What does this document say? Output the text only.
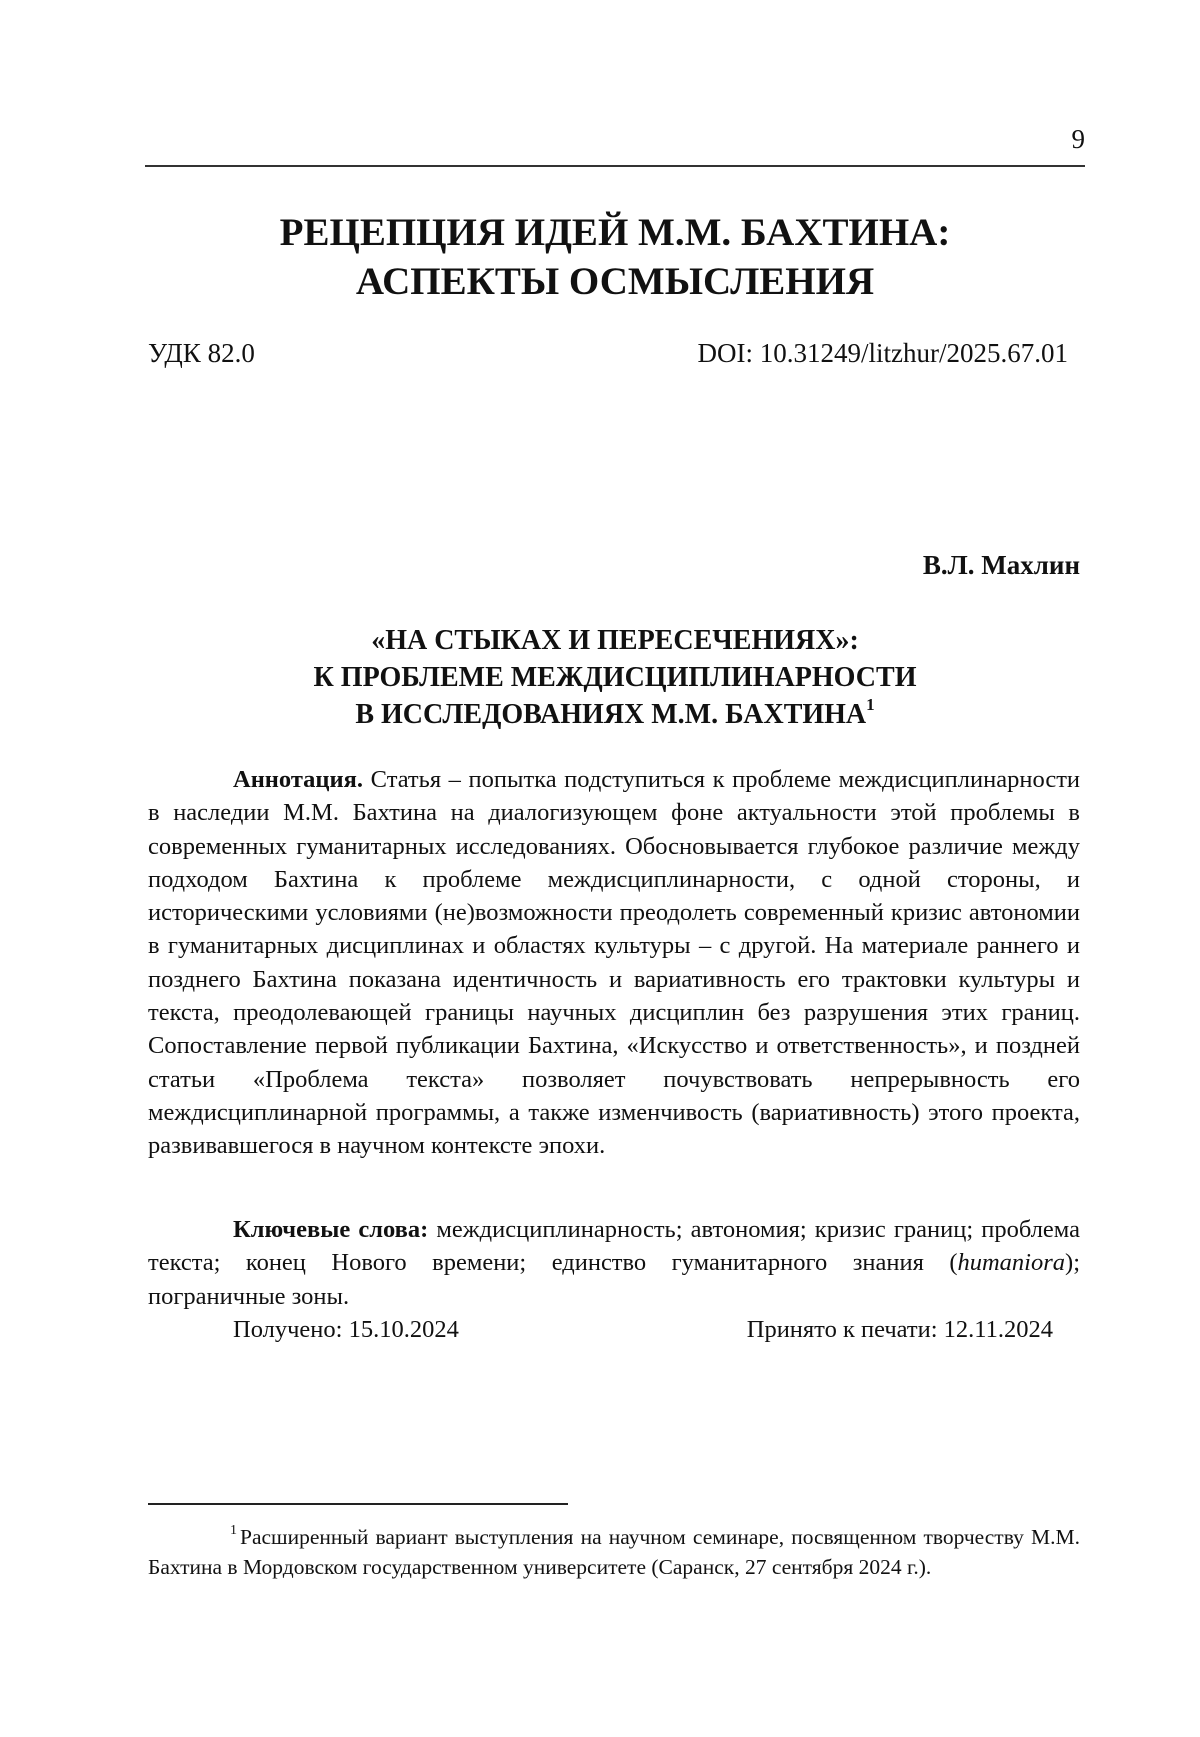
9
РЕЦЕПЦИЯ ИДЕЙ М.М. БАХТИНА:
АСПЕКТЫ ОСМЫСЛЕНИЯ
УДК 82.0	DOI: 10.31249/litzhur/2025.67.01
В.Л. Махлин
«НА СТЫКАХ И ПЕРЕСЕЧЕНИЯХ»:
К ПРОБЛЕМЕ МЕЖДИСЦИПЛИНАРНОСТИ
В ИССЛЕДОВАНИЯХ М.М. БАХТИНА$^1$

Аннотация. Статья – попытка подступиться к проблеме междисциплинарности в наследии М.М. Бахтина на диалогизующем фоне актуальности этой проблемы в современных гуманитарных исследованиях. Обосновывается глубокое различие между подходом Бахтина к проблеме междисциплинарности, с одной стороны, и историческими условиями (не)возможности преодолеть современный кризис автономии в гуманитарных дисциплинах и областях культуры – с другой. На материале раннего и позднего Бахтина показана идентичность и вариативность его трактовки культуры и текста, преодолевающей границы научных дисциплин без разрушения этих границ. Сопоставление первой публикации Бахтина, «Искусство и ответственность», и поздней статьи «Проблема текста» позволяет почувствовать непрерывность его междисциплинарной программы, а также изменчивость (вариативность) этого проекта, развивавшегося в научном контексте эпохи.

Ключевые слова: междисциплинарность; автономия; кризис границ; проблема текста; конец Нового времени; единство гуманитарного знания (humaniora); пограничные зоны.

Получено: 15.10.2024	Принято к печати: 12.11.2024

$^1$ Расширенный вариант выступления на научном семинаре, посвященном творчеству М.М. Бахтина в Мордовском государственном университете (Саранск, 27 сентября 2024 г.).
